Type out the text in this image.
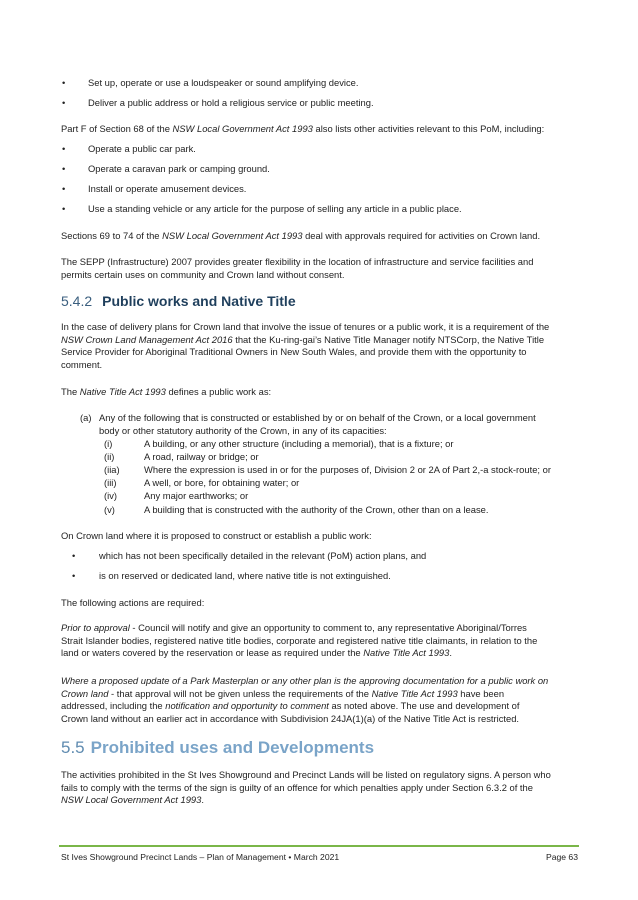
•	Set up, operate or use a loudspeaker or sound amplifying device.
•	Deliver a public address or hold a religious service or public meeting.

Part F of Section 68 of the NSW Local Government Act 1993 also lists other activities relevant to this PoM, including:

•	Operate a public car park.
•	Operate a caravan park or camping ground.
•	Install or operate amusement devices.
•	Use a standing vehicle or any article for the purpose of selling any article in a public place.

Sections 69 to 74 of the NSW Local Government Act 1993 deal with approvals required for activities on Crown land.

The SEPP (Infrastructure) 2007 provides greater flexibility in the location of infrastructure and service facilities and
permits certain uses on community and Crown land without consent.

5.4.2 Public works and Native Title

In the case of delivery plans for Crown land that involve the issue of tenures or a public work, it is a requirement of the
NSW Crown Land Management Act 2016 that the Ku-ring-gai’s Native Title Manager notify NTSCorp, the Native Title
Service Provider for Aboriginal Traditional Owners in New South Wales, and provide them with the opportunity to
comment.

The Native Title Act 1993 defines a public work as:

(a) Any of the following that is constructed or established by or on behalf of the Crown, or a local government
body or other statutory authority of the Crown, in any of its capacities:
(i)	A building, or any other structure (including a memorial), that is a fixture; or
(ii)	A road, railway or bridge; or
(iia)	Where the expression is used in or for the purposes of, Division 2 or 2A of Part 2,-a stock-route; or
(iii)	A well, or bore, for obtaining water; or
(iv)	Any major earthworks; or
(v)	A building that is constructed with the authority of the Crown, other than on a lease.

On Crown land where it is proposed to construct or establish a public work:

•	which has not been specifically detailed in the relevant (PoM) action plans, and
•	is on reserved or dedicated land, where native title is not extinguished.

The following actions are required:

Prior to approval - Council will notify and give an opportunity to comment to, any representative Aboriginal/Torres
Strait Islander bodies, registered native title bodies, corporate and registered native title claimants, in relation to the
land or waters covered by the reservation or lease as required under the Native Title Act 1993.

Where a proposed update of a Park Masterplan or any other plan is the approving documentation for a public work on
Crown land - that approval will not be given unless the requirements of the Native Title Act 1993 have been
addressed, including the notification and opportunity to comment as noted above. The use and development of
Crown land without an earlier act in accordance with Subdivision 24JA(1)(a) of the Native Title Act is restricted.

5.5 Prohibited uses and Developments

The activities prohibited in the St Ives Showground and Precinct Lands will be listed on regulatory signs. A person who
fails to comply with the terms of the sign is guilty of an offence for which penalties apply under Section 6.3.2 of the
NSW Local Government Act 1993.

St Ives Showground Precinct Lands – Plan of Management • March 2021	Page 63
